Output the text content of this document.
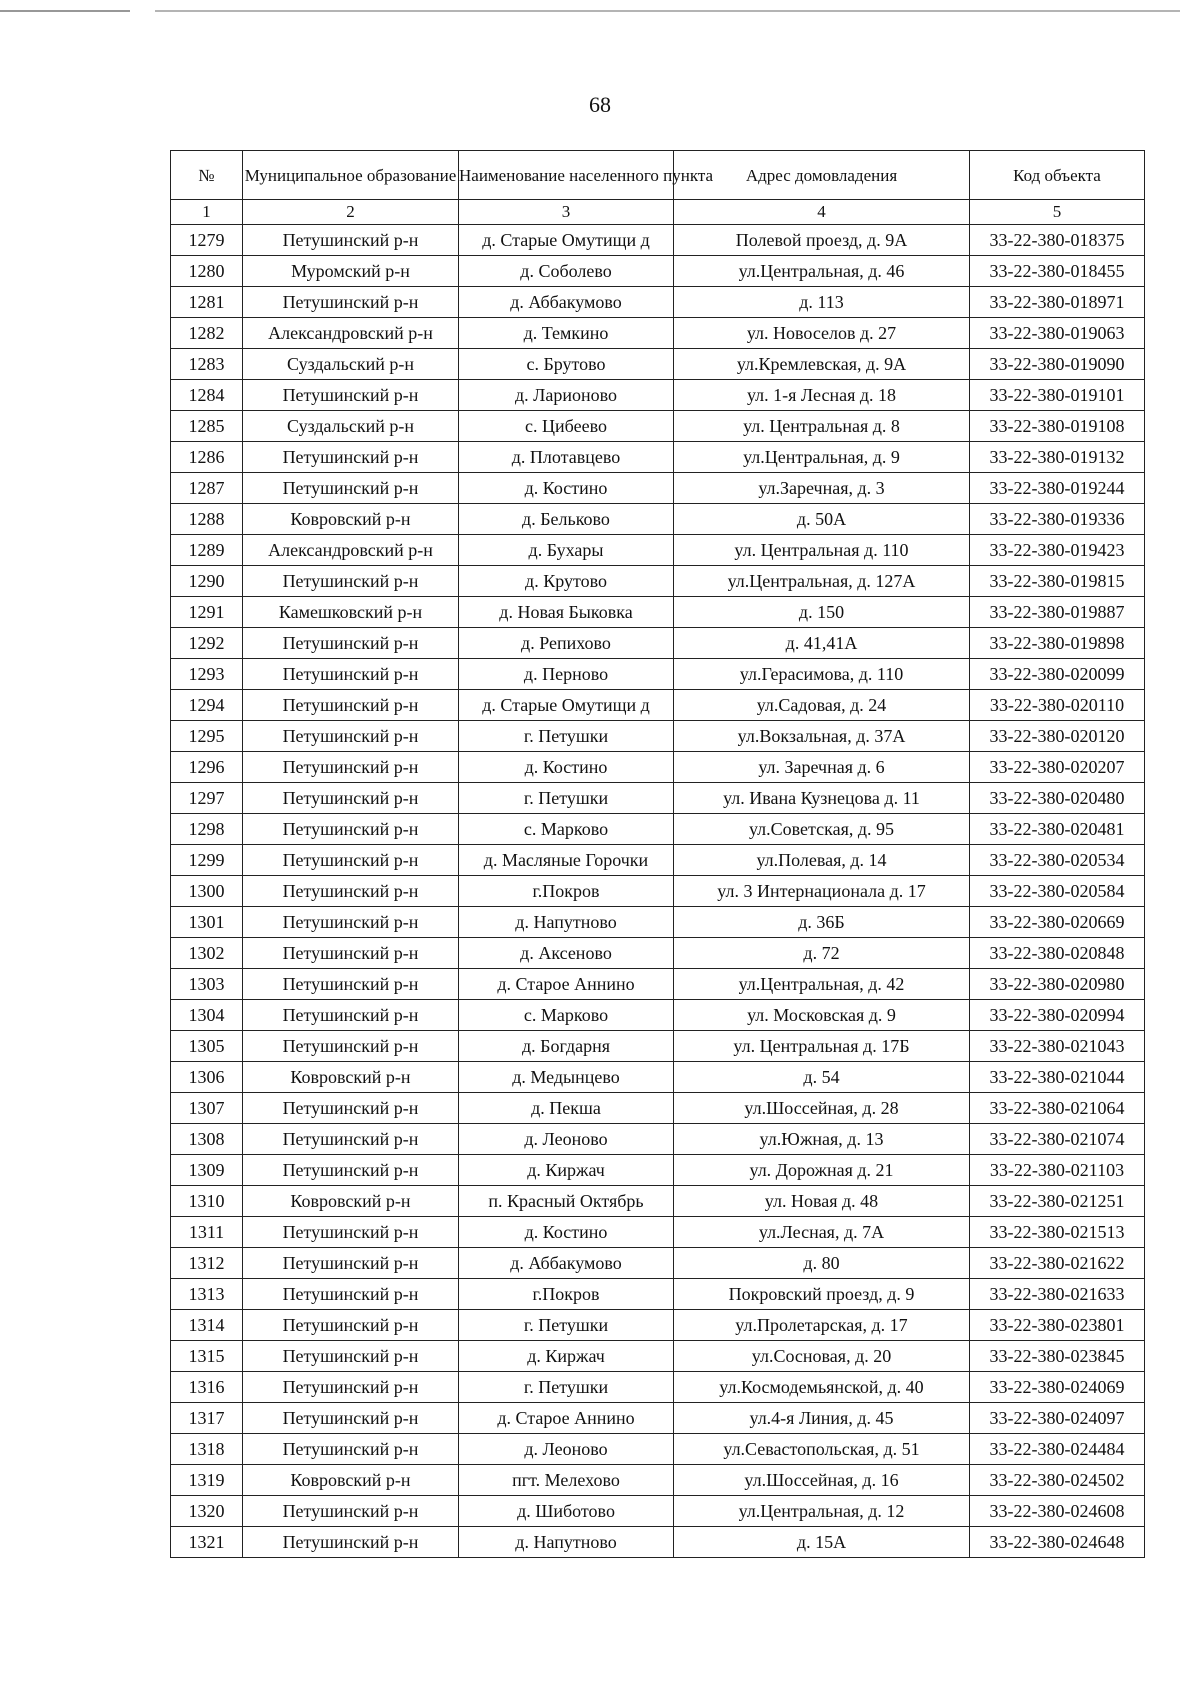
68
№	Муниципальное образование	Наименование населенного пункта	Адрес домовладения	Код объекта
1	2	3	4	5
1279	Петушинский р-н	д. Старые Омутищи д	Полевой проезд, д. 9А	33-22-380-018375
1280	Муромский р-н	д. Соболево	ул.Центральная, д. 46	33-22-380-018455
1281	Петушинский р-н	д. Аббакумово	д. 113	33-22-380-018971
1282	Александровский р-н	д. Темкино	ул. Новоселов д. 27	33-22-380-019063
1283	Суздальский р-н	с. Брутово	ул.Кремлевская, д. 9А	33-22-380-019090
1284	Петушинский р-н	д. Ларионово	ул. 1-я Лесная д. 18	33-22-380-019101
1285	Суздальский р-н	с. Цибеево	ул. Центральная д. 8	33-22-380-019108
1286	Петушинский р-н	д. Плотавцево	ул.Центральная, д. 9	33-22-380-019132
1287	Петушинский р-н	д. Костино	ул.Заречная, д. 3	33-22-380-019244
1288	Ковровский р-н	д. Бельково	д. 50А	33-22-380-019336
1289	Александровский р-н	д. Бухары	ул. Центральная д. 110	33-22-380-019423
1290	Петушинский р-н	д. Крутово	ул.Центральная, д. 127А	33-22-380-019815
1291	Камешковский р-н	д. Новая Быковка	д. 150	33-22-380-019887
1292	Петушинский р-н	д. Репихово	д. 41,41А	33-22-380-019898
1293	Петушинский р-н	д. Перново	ул.Герасимова, д. 110	33-22-380-020099
1294	Петушинский р-н	д. Старые Омутищи д	ул.Садовая, д. 24	33-22-380-020110
1295	Петушинский р-н	г. Петушки	ул.Вокзальная, д. 37А	33-22-380-020120
1296	Петушинский р-н	д. Костино	ул. Заречная д. 6	33-22-380-020207
1297	Петушинский р-н	г. Петушки	ул. Ивана Кузнецова д. 11	33-22-380-020480
1298	Петушинский р-н	с. Марково	ул.Советская, д. 95	33-22-380-020481
1299	Петушинский р-н	д. Масляные Горочки	ул.Полевая, д. 14	33-22-380-020534
1300	Петушинский р-н	г.Покров	ул. 3 Интернационала д. 17	33-22-380-020584
1301	Петушинский р-н	д. Напутново	д. 36Б	33-22-380-020669
1302	Петушинский р-н	д. Аксеново	д. 72	33-22-380-020848
1303	Петушинский р-н	д. Старое Аннино	ул.Центральная, д. 42	33-22-380-020980
1304	Петушинский р-н	с. Марково	ул. Московская д. 9	33-22-380-020994
1305	Петушинский р-н	д. Богдарня	ул. Центральная д. 17Б	33-22-380-021043
1306	Ковровский р-н	д. Медынцево	д. 54	33-22-380-021044
1307	Петушинский р-н	д. Пекша	ул.Шоссейная, д. 28	33-22-380-021064
1308	Петушинский р-н	д. Леоново	ул.Южная, д. 13	33-22-380-021074
1309	Петушинский р-н	д. Киржач	ул. Дорожная д. 21	33-22-380-021103
1310	Ковровский р-н	п. Красный Октябрь	ул. Новая д. 48	33-22-380-021251
1311	Петушинский р-н	д. Костино	ул.Лесная, д. 7А	33-22-380-021513
1312	Петушинский р-н	д. Аббакумово	д. 80	33-22-380-021622
1313	Петушинский р-н	г.Покров	Покровский проезд, д. 9	33-22-380-021633
1314	Петушинский р-н	г. Петушки	ул.Пролетарская, д. 17	33-22-380-023801
1315	Петушинский р-н	д. Киржач	ул.Сосновая, д. 20	33-22-380-023845
1316	Петушинский р-н	г. Петушки	ул.Космодемьянской, д. 40	33-22-380-024069
1317	Петушинский р-н	д. Старое Аннино	ул.4-я Линия, д. 45	33-22-380-024097
1318	Петушинский р-н	д. Леоново	ул.Севастопольская, д. 51	33-22-380-024484
1319	Ковровский р-н	пгт. Мелехово	ул.Шоссейная, д. 16	33-22-380-024502
1320	Петушинский р-н	д. Шиботово	ул.Центральная, д. 12	33-22-380-024608
1321	Петушинский р-н	д. Напутново	д. 15А	33-22-380-024648
